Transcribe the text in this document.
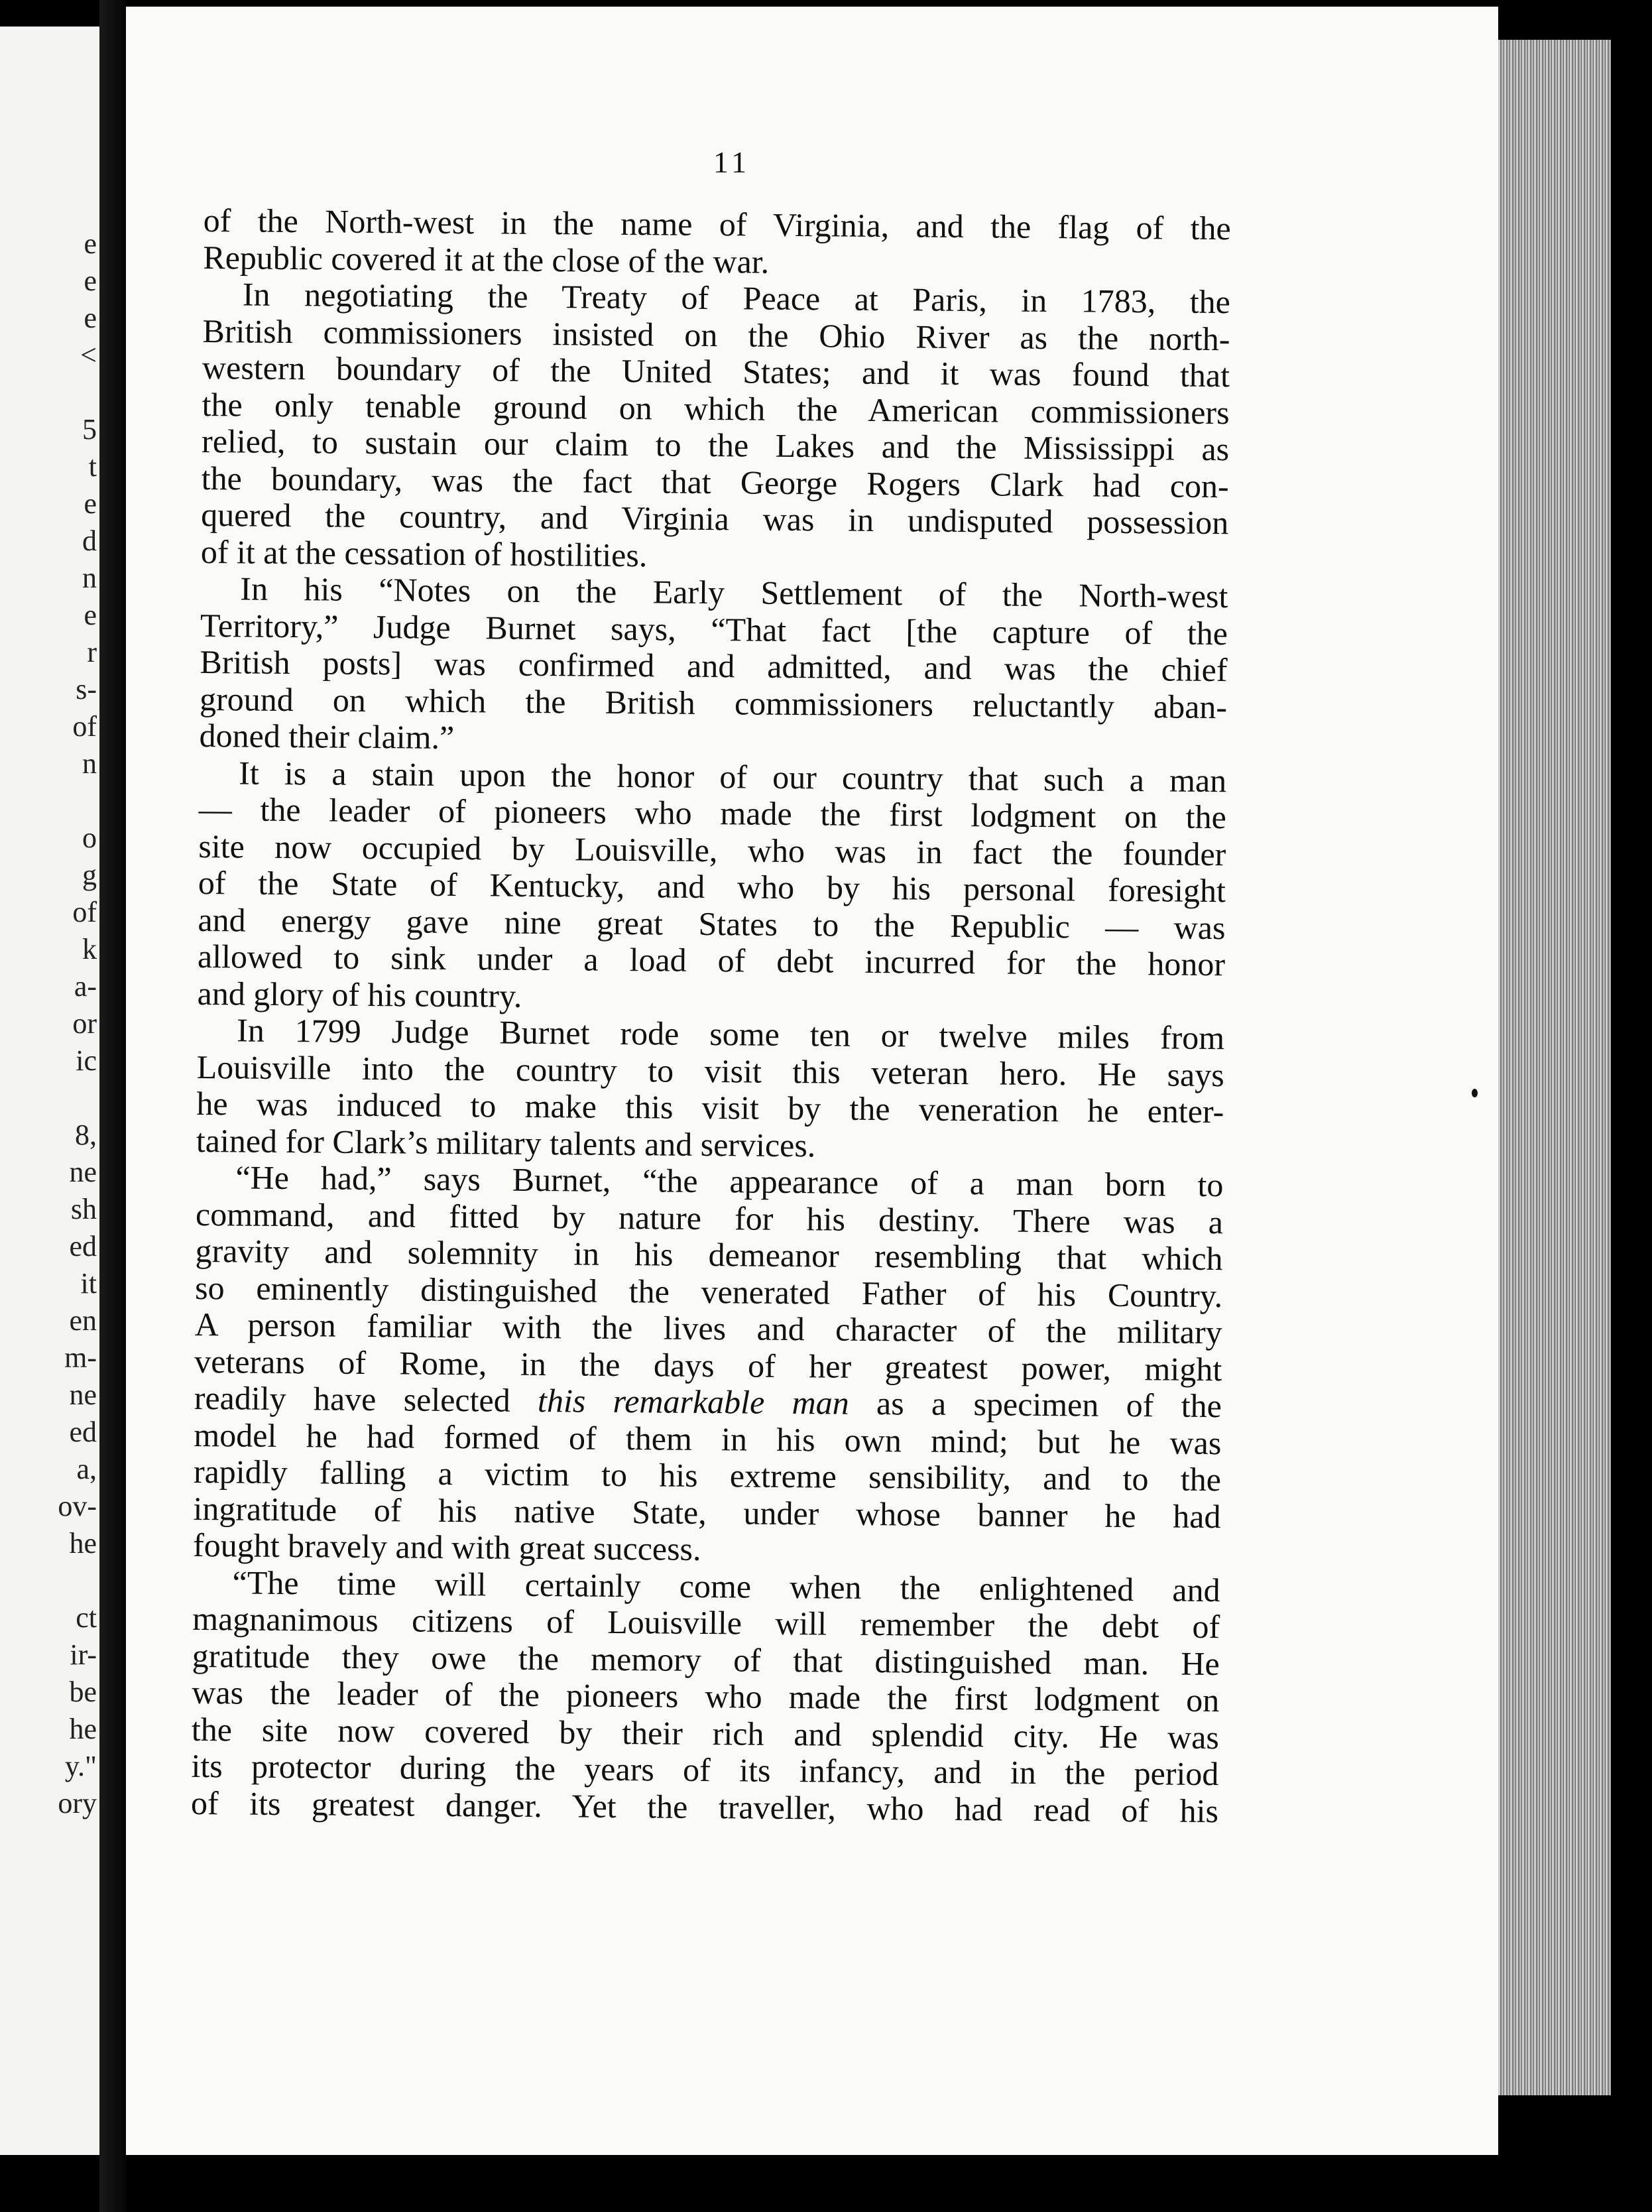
e
e
e
<
5
t
e
d
n
e
r
s-
of
n
o
g
of
k
a-
or
ic
8,
ne
sh
ed
it
en
m-
ne
ed
a,
ov-
he
ct
ir-
be
he
y."
ory
11
of the North-west in the name of Virginia, and the flag of the
Republic covered it at the close of the war.
In negotiating the Treaty of Peace at Paris, in 1783, the
British commissioners insisted on the Ohio River as the north-
western boundary of the United States; and it was found that
the only tenable ground on which the American commissioners
relied, to sustain our claim to the Lakes and the Mississippi as
the boundary, was the fact that George Rogers Clark had con-
quered the country, and Virginia was in undisputed possession
of it at the cessation of hostilities.
In his “Notes on the Early Settlement of the North-west
Territory,” Judge Burnet says, “That fact [the capture of the
British posts] was confirmed and admitted, and was the chief
ground on which the British commissioners reluctantly aban-
doned their claim.”
It is a stain upon the honor of our country that such a man
— the leader of pioneers who made the first lodgment on the
site now occupied by Louisville, who was in fact the founder
of the State of Kentucky, and who by his personal foresight
and energy gave nine great States to the Republic — was
allowed to sink under a load of debt incurred for the honor
and glory of his country.
In 1799 Judge Burnet rode some ten or twelve miles from
Louisville into the country to visit this veteran hero. He says
he was induced to make this visit by the veneration he enter-
tained for Clark’s military talents and services.
“He had,” says Burnet, “the appearance of a man born to
command, and fitted by nature for his destiny. There was a
gravity and solemnity in his demeanor resembling that which
so eminently distinguished the venerated Father of his Country.
A person familiar with the lives and character of the military
veterans of Rome, in the days of her greatest power, might
readily have selected this remarkable man as a specimen of the
model he had formed of them in his own mind; but he was
rapidly falling a victim to his extreme sensibility, and to the
ingratitude of his native State, under whose banner he had
fought bravely and with great success.
“The time will certainly come when the enlightened and
magnanimous citizens of Louisville will remember the debt of
gratitude they owe the memory of that distinguished man. He
was the leader of the pioneers who made the first lodgment on
the site now covered by their rich and splendid city. He was
its protector during the years of its infancy, and in the period
of its greatest danger. Yet the traveller, who had read of his
